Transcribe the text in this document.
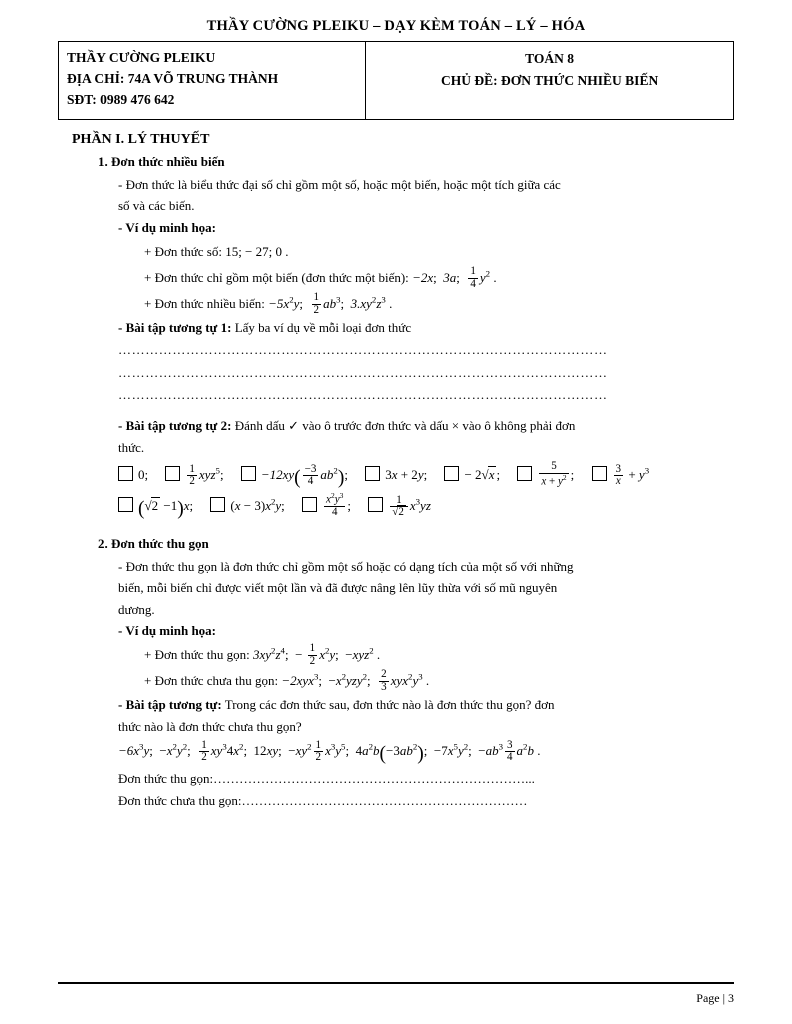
THẦY CƯỜNG PLEIKU – DẠY KÈM TOÁN – LÝ – HÓA
THẦY CƯỜNG PLEIKU
ĐỊA CHỈ: 74A VÕ TRUNG THÀNH
SĐT: 0989 476 642

TOÁN 8
CHỦ ĐỀ: ĐƠN THỨC NHIỀU BIẾN
PHẦN I. LÝ THUYẾT
1. Đơn thức nhiều biến
- Đơn thức là biểu thức đại số chỉ gồm một số, hoặc một biến, hoặc một tích giữa các
số và các biến.
- Ví dụ minh họa:
+ Đơn thức số: 15; − 27; 0 .
+ Đơn thức chỉ gồm một biến (đơn thức một biến): −2x;  3a; $\frac{1}{4} y^2$ .
+ Đơn thức nhiều biến: $-5x^2y$; $\frac{1}{2} ab^3$;  $3.xy^2z^3$ .
- Bài tập tương tự 1: Lấy ba ví dụ về mỗi loại đơn thức
………………………………………………………………………………………………
………………………………………………………………………………………………
………………………………………………………………………………………………
- Bài tập tương tự 2: Đánh dấu ✓ vào ô trước đơn thức và dấu × vào ô không phải đơn
thức.
0;	$\frac{1}{2} xyz^5$;	$-12xy( \frac{-3}{4} ab^2)$;	3x + 2y;	− 2√x ;	$\frac{5}{x + y^2}$ ;	$\frac{3}{x} + y^3$
(√2 −1)x;	$(x - 3)x^2y$;	$\frac{x^2y^3}{4}$ ;	$\frac{1}{√2} x^3yz$
2. Đơn thức thu gọn
- Đơn thức thu gọn là đơn thức chỉ gồm một số hoặc có dạng tích của một số với những
biến, mỗi biến chỉ được viết một lần và đã được nâng lên lũy thừa với số mũ nguyên
dương.
- Ví dụ minh họa:
+ Đơn thức thu gọn: $3xy^2z^4$;  − $\frac{1}{2} x^2y$;  −xyz$^2$ .
+ Đơn thức chưa thu gọn: −2xyx$^3$;  $-x^2yzy^2$; $\frac{2}{3} xyx^2y^3$ .
- Bài tập tương tự: Trong các đơn thức sau, đơn thức nào là đơn thức thu gọn? đơn
thức nào là đơn thức chưa thu gọn?
$-6x^3y$;  $-x^2y^2$; $\frac{1}{2} xy^34x^2$;  12xy;  $-xy^2 \frac{1}{2} x^3y^5$;  $4a^2b(-3ab^2)$;  $-7x^5y^2$;  $-ab^3 \frac{3}{4} a^2b$ .
Đơn thức thu gọn:………………………………………………………………...
Đơn thức chưa thu gọn:…………………………………………………………
Page | 3
